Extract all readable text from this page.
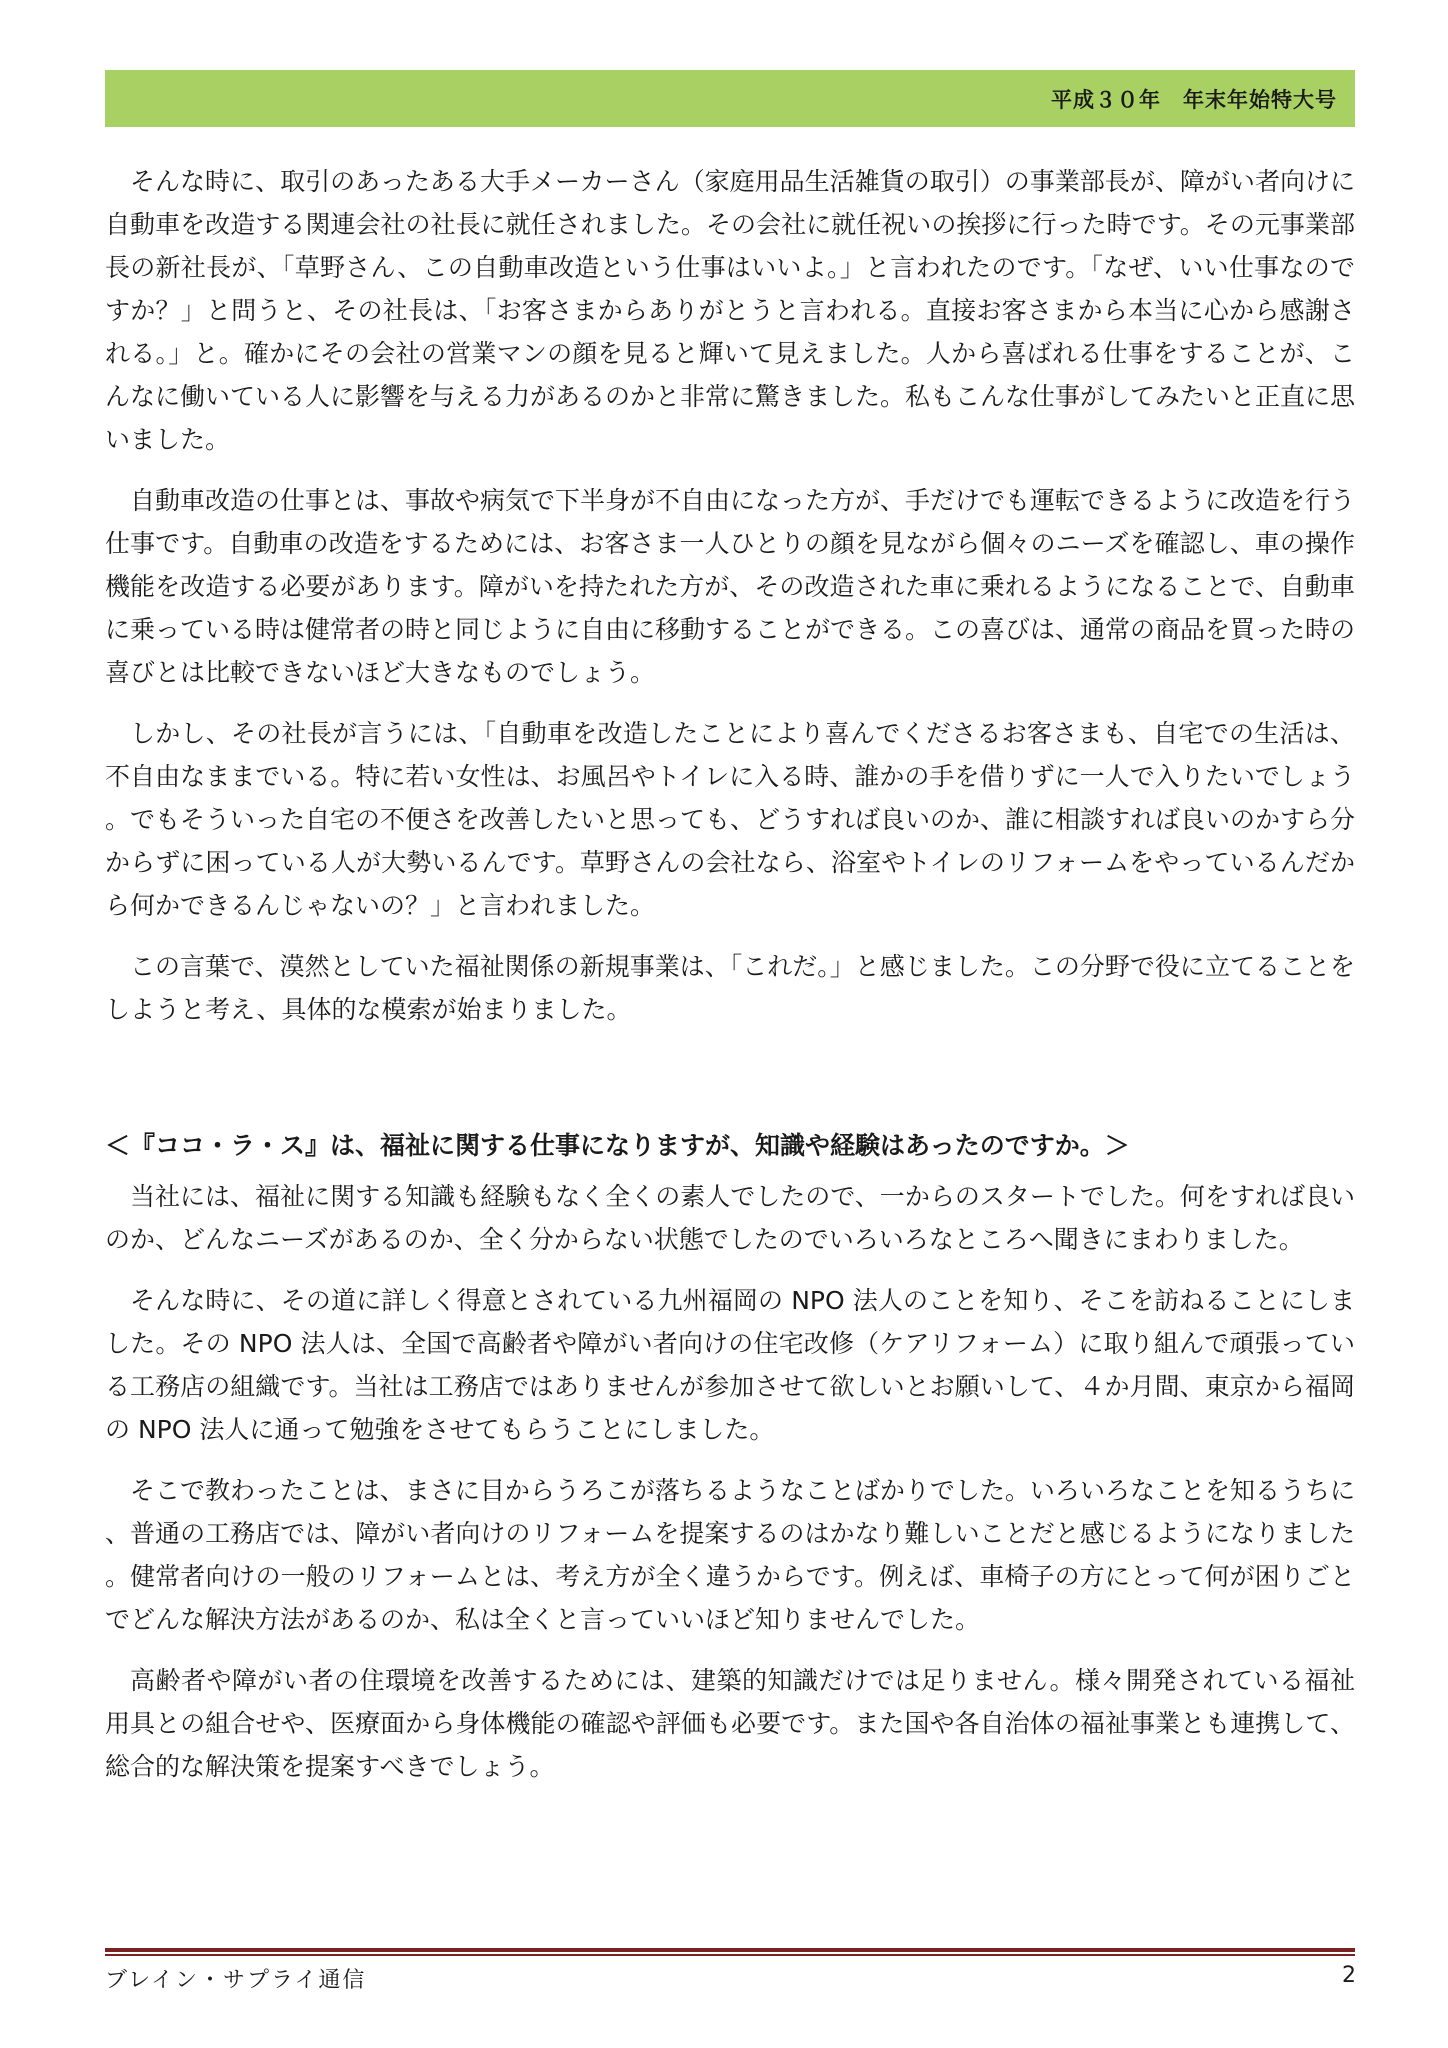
平成３０年　年末年始特大号

そんな時に、取引のあったある大手メーカーさん（家庭用品生活雑貨の取引）の事業部長が、障がい者向けに自動車を改造する関連会社の社長に就任されました。その会社に就任祝いの挨拶に行った時です。その元事業部長の新社長が、「草野さん、この自動車改造という仕事はいいよ。」と言われたのです。「なぜ、いい仕事なのですか？」と問うと、その社長は、「お客さまからありがとうと言われる。直接お客さまから本当に心から感謝される。」と。確かにその会社の営業マンの顔を見ると輝いて見えました。人から喜ばれる仕事をすることが、こんなに働いている人に影響を与える力があるのかと非常に驚きました。私もこんな仕事がしてみたいと正直に思いました。

自動車改造の仕事とは、事故や病気で下半身が不自由になった方が、手だけでも運転できるように改造を行う仕事です。自動車の改造をするためには、お客さま一人ひとりの顔を見ながら個々のニーズを確認し、車の操作機能を改造する必要があります。障がいを持たれた方が、その改造された車に乗れるようになることで、自動車に乗っている時は健常者の時と同じように自由に移動することができる。この喜びは、通常の商品を買った時の喜びとは比較できないほど大きなものでしょう。

しかし、その社長が言うには、「自動車を改造したことにより喜んでくださるお客さまも、自宅での生活は、不自由なままでいる。特に若い女性は、お風呂やトイレに入る時、誰かの手を借りずに一人で入りたいでしょう。でもそういった自宅の不便さを改善したいと思っても、どうすれば良いのか、誰に相談すれば良いのかすら分からずに困っている人が大勢いるんです。草野さんの会社なら、浴室やトイレのリフォームをやっているんだから何かできるんじゃないの？」と言われました。

この言葉で、漠然としていた福祉関係の新規事業は、「これだ。」と感じました。この分野で役に立てることをしようと考え、具体的な模索が始まりました。

＜『ココ・ラ・ス』は、福祉に関する仕事になりますが、知識や経験はあったのですか。＞

当社には、福祉に関する知識も経験もなく全くの素人でしたので、一からのスタートでした。何をすれば良いのか、どんなニーズがあるのか、全く分からない状態でしたのでいろいろなところへ聞きにまわりました。

そんな時に、その道に詳しく得意とされている九州福岡の NPO 法人のことを知り、そこを訪ねることにしました。その NPO 法人は、全国で高齢者や障がい者向けの住宅改修（ケアリフォーム）に取り組んで頑張っている工務店の組織です。当社は工務店ではありませんが参加させて欲しいとお願いして、４か月間、東京から福岡の NPO 法人に通って勉強をさせてもらうことにしました。

そこで教わったことは、まさに目からうろこが落ちるようなことばかりでした。いろいろなことを知るうちに、普通の工務店では、障がい者向けのリフォームを提案するのはかなり難しいことだと感じるようになりました。健常者向けの一般のリフォームとは、考え方が全く違うからです。例えば、車椅子の方にとって何が困りごとでどんな解決方法があるのか、私は全くと言っていいほど知りませんでした。

高齢者や障がい者の住環境を改善するためには、建築的知識だけでは足りません。様々開発されている福祉用具との組合せや、医療面から身体機能の確認や評価も必要です。また国や各自治体の福祉事業とも連携して、総合的な解決策を提案すべきでしょう。

ブレイン・サプライ通信	2
